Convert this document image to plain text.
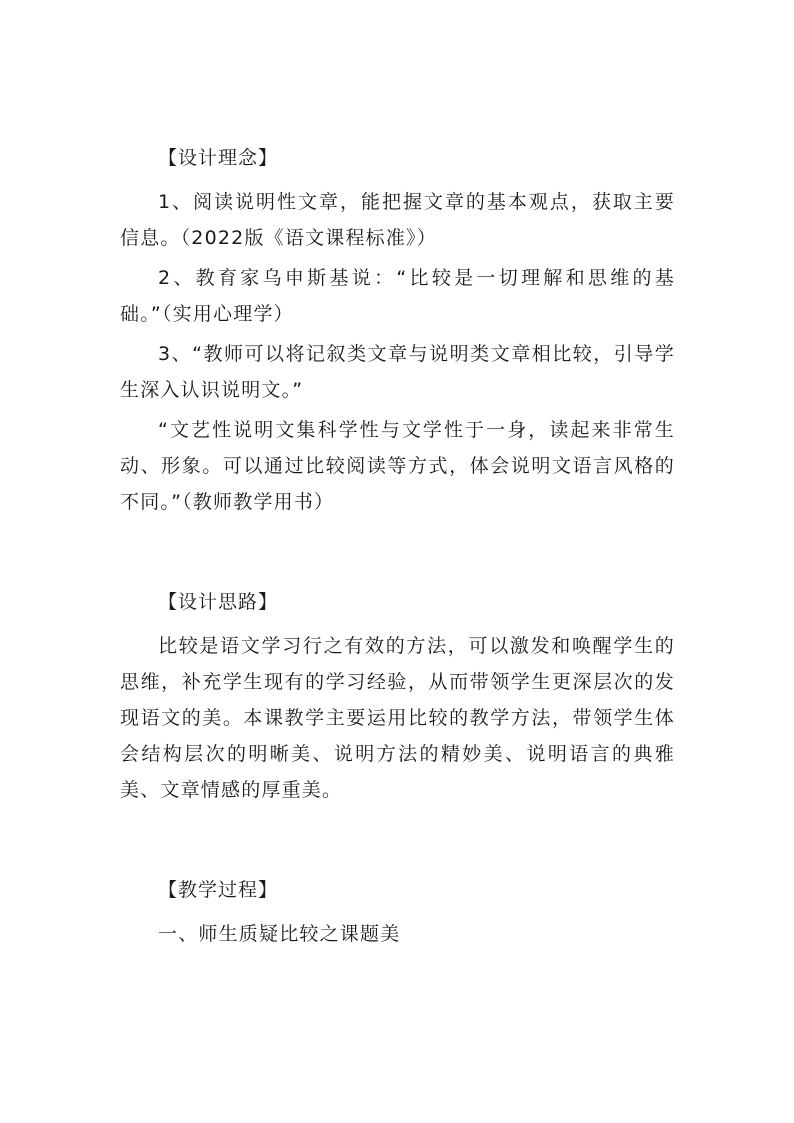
【设计理念】

1、阅读说明性文章，能把握文章的基本观点，获取主要信息。（2022版《语文课程标准》）

2、教育家乌申斯基说：“比较是一切理解和思维的基础。”（实用心理学）

3、“教师可以将记叙类文章与说明类文章相比较，引导学生深入认识说明文。”

“文艺性说明文集科学性与文学性于一身，读起来非常生动、形象。可以通过比较阅读等方式，体会说明文语言风格的不同。”（教师教学用书）

【设计思路】

比较是语文学习行之有效的方法，可以激发和唤醒学生的思维，补充学生现有的学习经验，从而带领学生更深层次的发现语文的美。本课教学主要运用比较的教学方法，带领学生体会结构层次的明晰美、说明方法的精妙美、说明语言的典雅美、文章情感的厚重美。

【教学过程】

一、师生质疑比较之课题美
